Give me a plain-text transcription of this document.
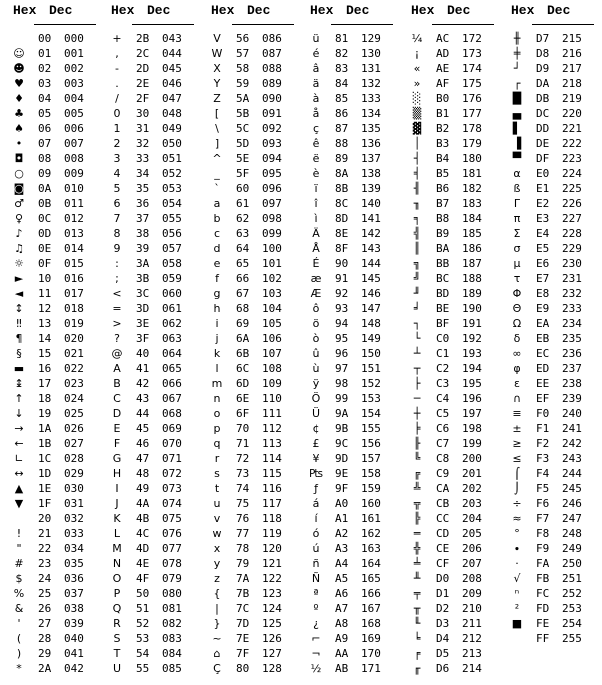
Hex Dec
00 000
☺ 01 001
☻ 02 002
♥	03 003
♦	04 004
♣	05 005
♠	06 006
•	07 007
◘	08 008
○	09 009
◙	0A 010
♂	0B 011
♀	0C 012
♪	0D 013
♫	0E 014
☼	0F 015
►	10 016
◄	11 017
↕	12 018
‼	13 019
¶	14 020
§	15 021
▬	16 022
↨	17 023
↑	18 024
↓	19 025
→	1A 026
←	1B 027
∟	1C 028
↔	1D 029
▲	1E 030
▼	1F 031
20 032
!	21 033
"	22 034
#	23 035
$	24 036
%	25 037
&	26 038
'	27 039
(	28 040
)	29 041
*	2A 042
Hex Dec
+	2B 043
,	2C 044
-	2D 045
.	2E 046
/	2F 047
0	30 048
1	31 049
2	32 050
3	33 051
4	34 052
5	35 053
6	36 054
7	37 055
8	38 056
9	39 057
:	3A 058
;	3B 059
<	3C 060
=	3D 061
>	3E 062
?	3F 063
@	40 064
A	41 065
B	42 066
C	43 067
D	44 068
E	45 069
F	46 070
G	47 071
H	48 072
I	49 073
J	4A 074
K	4B 075
L	4C 076
M	4D 077
N	4E 078
O	4F 079
P	50 080
Q	51 081
R	52 082
S	53 083
T	54 084
U	55 085
Hex Dec
V	56 086
W	57 087
X	58 088
Y	59 089
Z	5A 090
[	5B 091
\	5C 092
]	5D 093
^	5E 094
_	5F 095
`	60 096
a	61 097
b	62 098
c	63 099
d	64 100
e	65 101
f	66 102
g	67 103
h	68 104
i	69 105
j	6A 106
k	6B 107
l	6C 108
m	6D 109
n	6E 110
o	6F 111
p	70 112
q	71 113
r	72 114
s	73 115
t	74 116
u	75 117
v	76 118
w	77 119
x	78 120
y	79 121
z	7A 122
{	7B 123
|	7C 124
}	7D 125
~	7E 126
⌂	7F 127
Ç	80 128
Hex Dec
ü	81 129
é	82 130
â	83 131
ä	84 132
à	85 133
å	86 134
ç	87 135
ê	88 136
ë	89 137
è	8A 138
ï	8B 139
î	8C 140
ì	8D 141
Ä	8E 142
Å	8F 143
É	90 144
æ	91 145
Æ	92 146
ô	93 147
ö	94 148
ò	95 149
û	96 150
ù	97 151
ÿ	98 152
Ö	99 153
Ü	9A 154
¢	9B 155
£	9C 156
¥	9D 157
₧ 9E 158
ƒ	9F 159
á	A0 160
í	A1 161
ó	A2 162
ú	A3 163
ñ	A4 164
Ñ	A5 165
ª	A6 166
º	A7 167
¿	A8 168
⌐	A9 169
¬	AA 170
½	AB 171
Hex Dec
¼	AC 172
¡	AD 173
«	AE 174
»	AF 175
░	B0 176
▒	B1 177
▓	B2 178
│	B3 179
┤	B4 180
╡	B5 181
╢	B6 182
╖	B7 183
╕	B8 184
╣	B9 185
║	BA 186
╗	BB 187
╝	BC 188
╜	BD 189
╛	BE 190
┐	BF 191
└	C0 192
┴	C1 193
┬	C2 194
├	C3 195
─	C4 196
┼	C5 197
╞	C6 198
╟	C7 199
╚	C8 200
╔	C9 201
╩	CA 202
╦	CB 203
╠	CC 204
═	CD 205
╬	CE 206
╧	CF 207
╨	D0 208
╤	D1 209
╥	D2 210
╙	D3 211
╘	D4 212
╒	D5 213
╓	D6 214
Hex Dec
╫	D7 215
╪	D8 216
┘	D9 217
┌	DA 218
█	DB 219
▄	DC 220
▌	DD 221
▐	DE 222
▀	DF 223
α	E0 224
ß	E1 225
Γ	E2 226
π	E3 227
Σ	E4 228
σ	E5 229
µ	E6 230
τ	E7 231
Φ	E8 232
Θ	E9 233
Ω	EA 234
δ	EB 235
∞	EC 236
φ	ED 237
ε	EE 238
∩	EF 239
≡	F0 240
±	F1 241
≥	F2 242
≤	F3 243
⌠	F4 244
⌡	F5 245
÷	F6 246
≈	F7 247
°	F8 248
∙	F9 249
·	FA 250
√	FB 251
ⁿ	FC 252
²	FD 253
■	FE 254
FF 255
